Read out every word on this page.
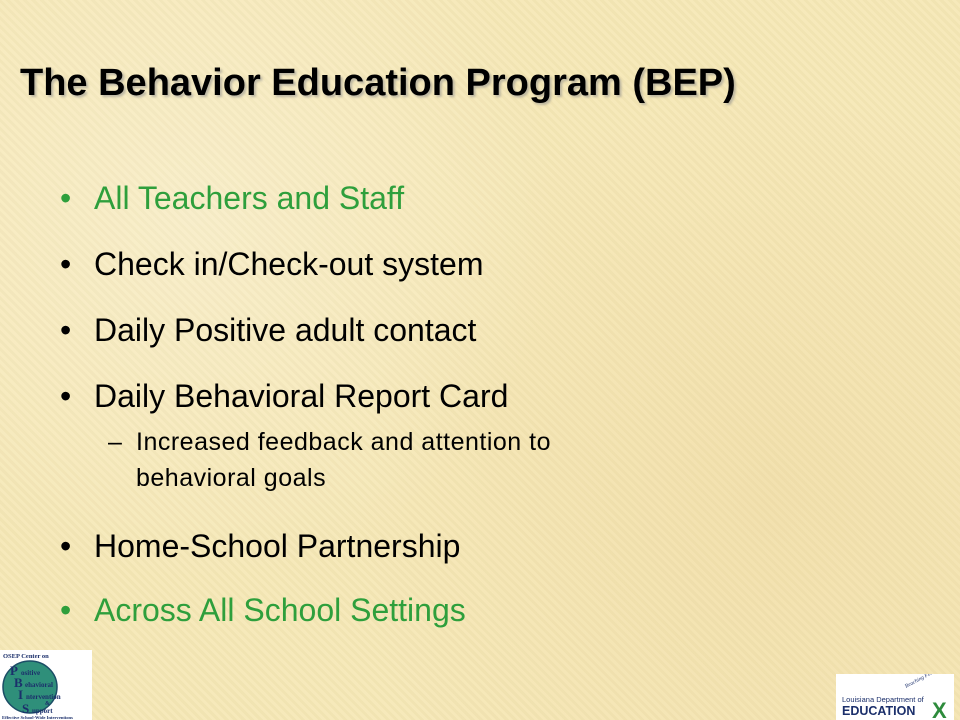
The Behavior Education Program (BEP)
• All Teachers and Staff
• Check in/Check-out system
• Daily Positive adult contact
• Daily Behavioral Report Card
– Increased feedback and attention to
behavioral goals
• Home-School Partnership
• Across All School Settings
OSEP Center on
P ositive
B ehavioral
I ntervention
&
S upport
Effective School-Wide Interventions
Louisiana Department of
EDUCATION X
